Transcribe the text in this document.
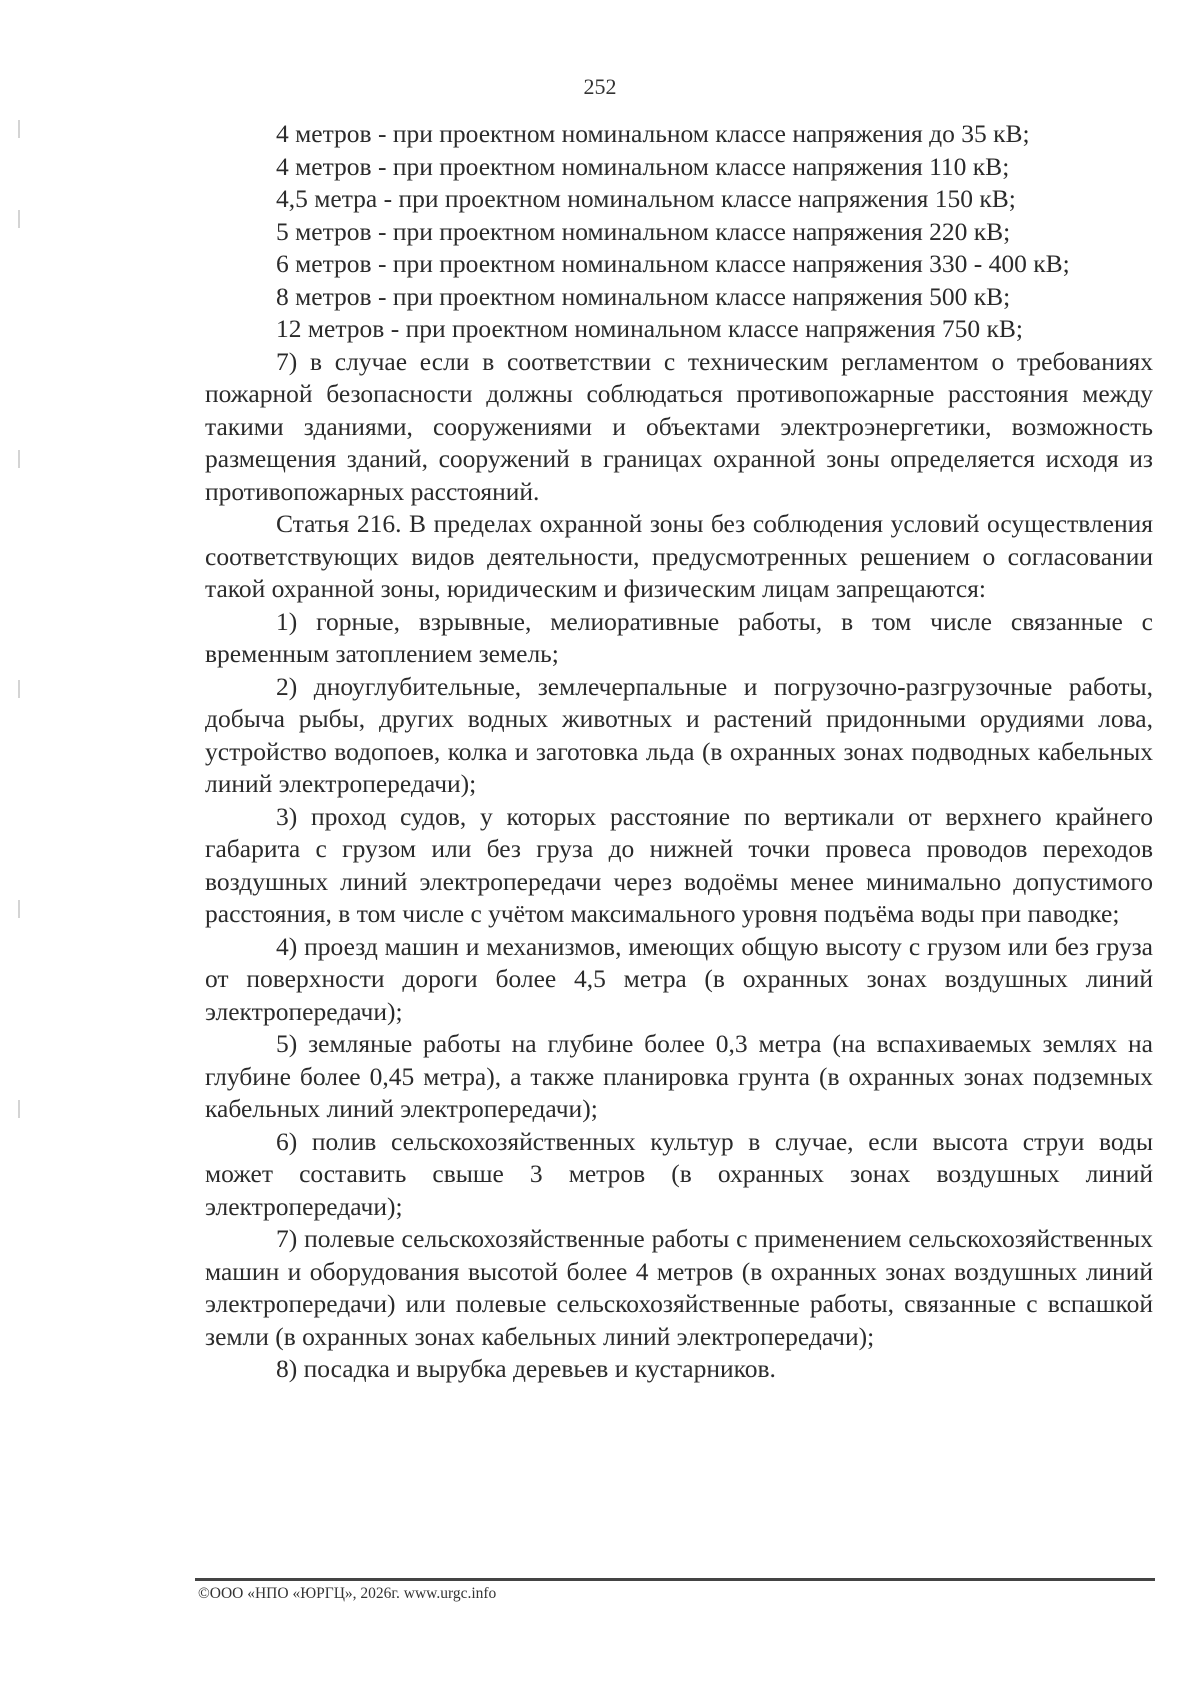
252

4 метров - при проектном номинальном классе напряжения до 35 кВ;

4 метров - при проектном номинальном классе напряжения 110 кВ;

4,5 метра - при проектном номинальном классе напряжения 150 кВ;

5 метров - при проектном номинальном классе напряжения 220 кВ;

6 метров - при проектном номинальном классе напряжения 330 - 400 кВ;

8 метров - при проектном номинальном классе напряжения 500 кВ;

12 метров - при проектном номинальном классе напряжения 750 кВ;

7) в случае если в соответствии с техническим регламентом о требованиях пожарной безопасности должны соблюдаться противопожарные расстояния между такими зданиями, сооружениями и объектами электроэнергетики, возможность размещения зданий, сооружений в границах охранной зоны определяется исходя из противопожарных расстояний.

Статья 216. В пределах охранной зоны без соблюдения условий осуществления соответствующих видов деятельности, предусмотренных решением о согласовании такой охранной зоны, юридическим и физическим лицам запрещаются:

1) горные, взрывные, мелиоративные работы, в том числе связанные с временным затоплением земель;

2) дноуглубительные, землечерпальные и погрузочно-разгрузочные работы, добыча рыбы, других водных животных и растений придонными орудиями лова, устройство водопоев, колка и заготовка льда (в охранных зонах подводных кабельных линий электропередачи);

3) проход судов, у которых расстояние по вертикали от верхнего крайнего габарита с грузом или без груза до нижней точки провеса проводов переходов воздушных линий электропередачи через водоёмы менее минимально допустимого расстояния, в том числе с учётом максимального уровня подъёма воды при паводке;

4) проезд машин и механизмов, имеющих общую высоту с грузом или без груза от поверхности дороги более 4,5 метра (в охранных зонах воздушных линий электропередачи);

5) земляные работы на глубине более 0,3 метра (на вспахиваемых землях на глубине более 0,45 метра), а также планировка грунта (в охранных зонах подземных кабельных линий электропередачи);

6) полив сельскохозяйственных культур в случае, если высота струи воды может составить свыше 3 метров (в охранных зонах воздушных линий электропередачи);

7) полевые сельскохозяйственные работы с применением сельскохозяйственных машин и оборудования высотой более 4 метров (в охранных зонах воздушных линий электропередачи) или полевые сельскохозяйственные работы, связанные с вспашкой земли (в охранных зонах кабельных линий электропередачи);

8) посадка и вырубка деревьев и кустарников.

©ООО «НПО «ЮРГЦ», 2026г. www.urgc.info
